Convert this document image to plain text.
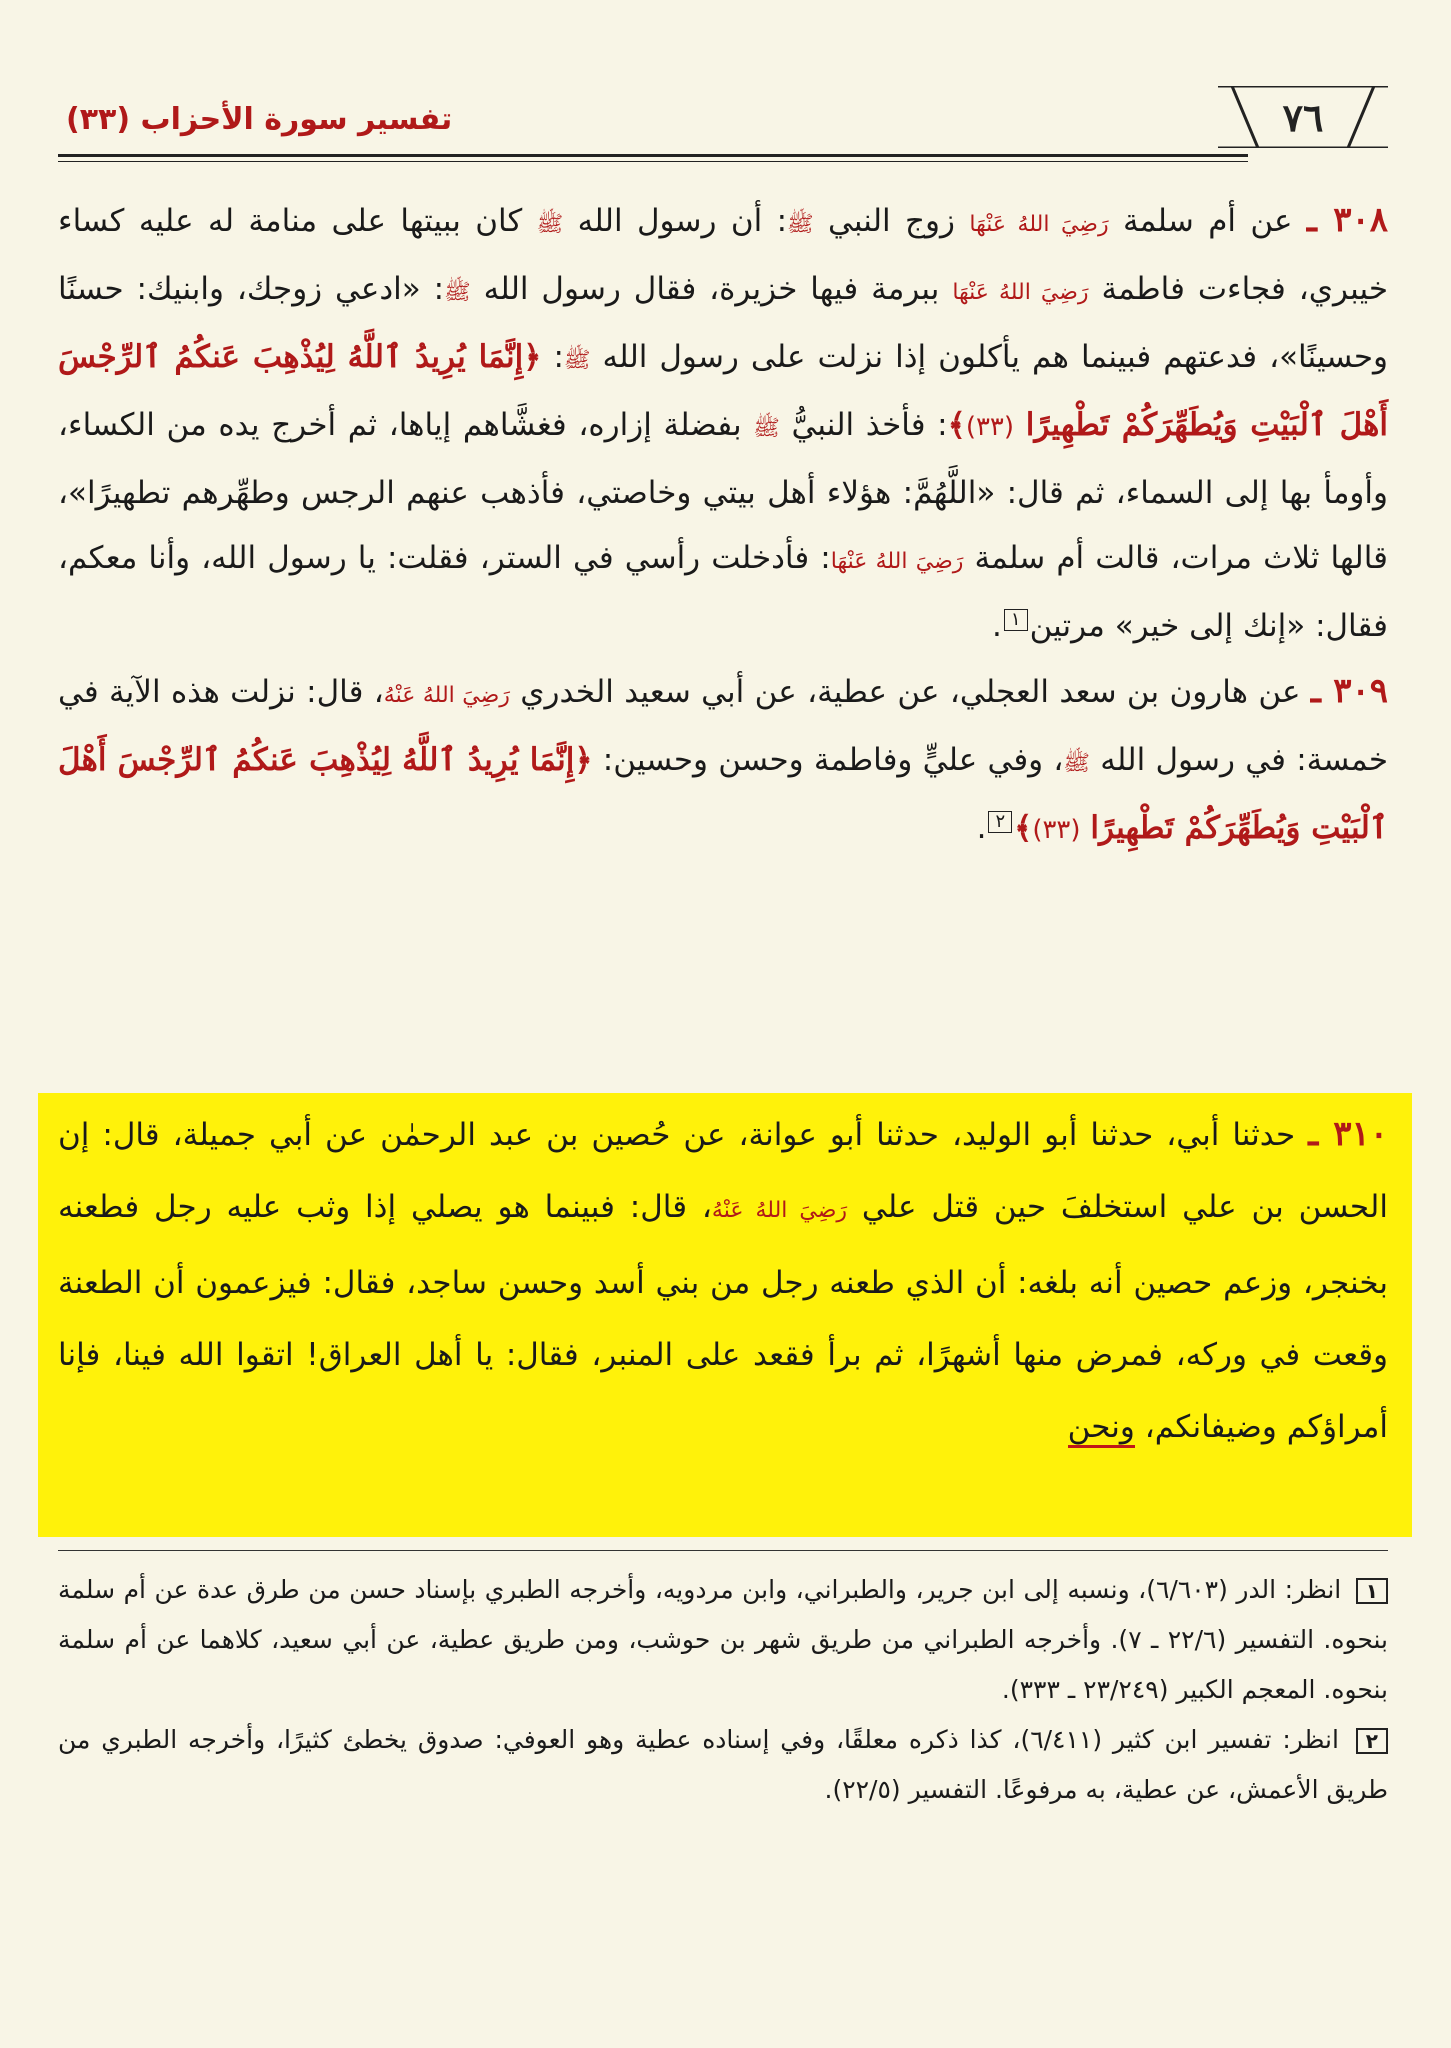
٧٦
تفسير سورة الأحزاب (٣٣)

٣٠٨ ـ عن أم سلمة رَضِيَ اللهُ عَنْهَا زوج النبي ﷺ: أن رسول الله ﷺ كان ببيتها على منامة له عليه كساء خيبري، فجاءت فاطمة رَضِيَ اللهُ عَنْهَا ببرمة فيها خزيرة، فقال رسول الله ﷺ: «ادعي زوجك، وابنيك: حسنًا وحسينًا»، فدعتهم فبينما هم يأكلون إذا نزلت على رسول الله ﷺ: ﴿إِنَّمَا يُرِيدُ ٱللَّهُ لِيُذْهِبَ عَنكُمُ ٱلرِّجْسَ أَهْلَ ٱلْبَيْتِ وَيُطَهِّرَكُمْ تَطْهِيرًا (٣٣)﴾: فأخذ النبيُّ ﷺ بفضلة إزاره، فغشَّاهم إياها، ثم أخرج يده من الكساء، وأومأ بها إلى السماء، ثم قال: «اللَّهُمَّ: هؤلاء أهل بيتي وخاصتي، فأذهب عنهم الرجس وطهِّرهم تطهيرًا»، قالها ثلاث مرات، قالت أم سلمة رَضِيَ اللهُ عَنْهَا: فأدخلت رأسي في الستر، فقلت: يا رسول الله، وأنا معكم، فقال: «إنك إلى خير» مرتين١.

٣٠٩ ـ عن هارون بن سعد العجلي، عن عطية، عن أبي سعيد الخدري رَضِيَ اللهُ عَنْهُ، قال: نزلت هذه الآية في خمسة: في رسول الله ﷺ، وفي عليٍّ وفاطمة وحسن وحسين: ﴿إِنَّمَا يُرِيدُ ٱللَّهُ لِيُذْهِبَ عَنكُمُ ٱلرِّجْسَ أَهْلَ ٱلْبَيْتِ وَيُطَهِّرَكُمْ تَطْهِيرًا (٣٣)﴾٢.

٣١٠ ـ حدثنا أبي، حدثنا أبو الوليد، حدثنا أبو عوانة، عن حُصين بن عبد الرحمٰن عن أبي جميلة، قال: إن الحسن بن علي استخلفَ حين قتل علي رَضِيَ اللهُ عَنْهُ، قال: فبينما هو يصلي إذا وثب عليه رجل فطعنه بخنجر، وزعم حصين أنه بلغه: أن الذي طعنه رجل من بني أسد وحسن ساجد، فقال: فيزعمون أن الطعنة وقعت في وركه، فمرض منها أشهرًا، ثم برأ فقعد على المنبر، فقال: يا أهل العراق! اتقوا الله فينا، فإنا أمراؤكم وضيفانكم، ونحن

١ انظر: الدر (٦/٦٠٣)، ونسبه إلى ابن جرير، والطبراني، وابن مردويه، وأخرجه الطبري بإسناد حسن من طرق عدة عن أم سلمة بنحوه. التفسير (٢٢/٦ ـ ٧). وأخرجه الطبراني من طريق شهر بن حوشب، ومن طريق عطية، عن أبي سعيد، كلاهما عن أم سلمة بنحوه. المعجم الكبير (٢٣/٢٤٩ ـ ٣٣٣).

٢ انظر: تفسير ابن كثير (٦/٤١١)، كذا ذكره معلقًا، وفي إسناده عطية وهو العوفي: صدوق يخطئ كثيرًا، وأخرجه الطبري من طريق الأعمش، عن عطية، به مرفوعًا. التفسير (٢٢/٥).
